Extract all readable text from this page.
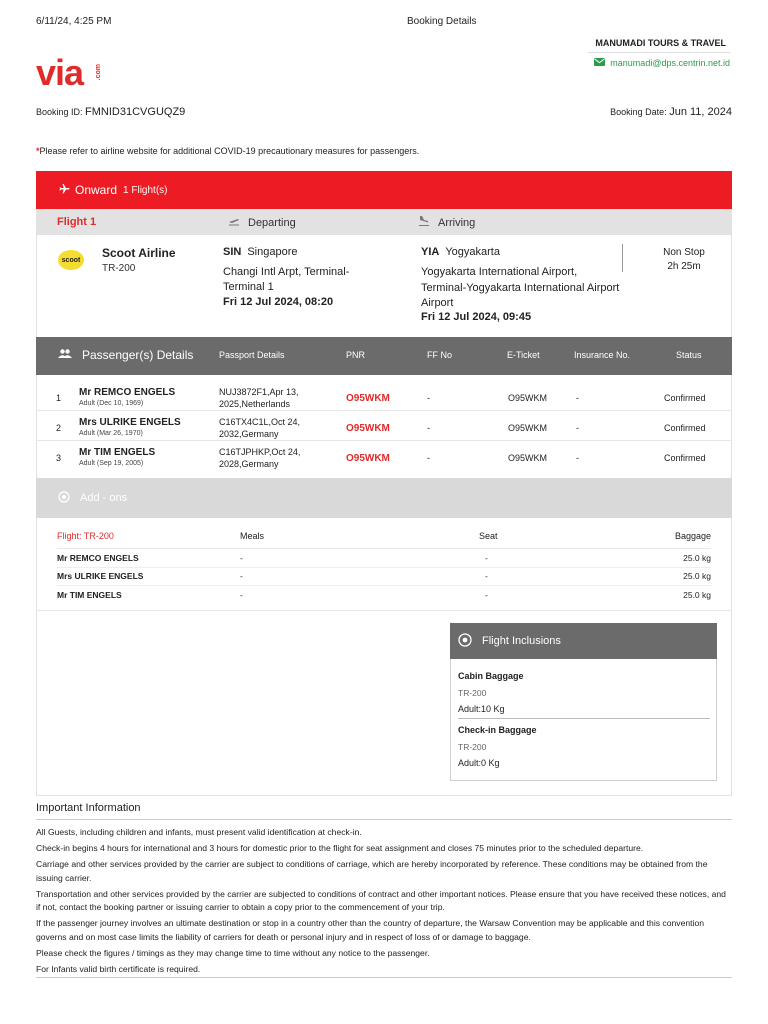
6/11/24, 4:25 PM	Booking Details
MANUMADI TOURS & TRAVEL
manumadi@dps.centrin.net.id
via .com
Booking ID: FMNID31CVGUQZ9	Booking Date: Jun 11, 2024
*Please refer to airline website for additional COVID-19 precautionary measures for passengers.
Onward 1 Flight(s)
Flight 1	Departing	Arriving
scoot	Scoot Airline
TR-200
SIN Singapore
Changi Intl Arpt, Terminal-Terminal 1
Fri 12 Jul 2024, 08:20
YIA Yogyakarta
Yogyakarta International Airport, Terminal-Yogyakarta International Airport Airport
Fri 12 Jul 2024, 09:45
Non Stop
2h 25m
Passenger(s) Details	Passport Details	PNR	FF No	E-Ticket	Insurance No.	Status
1 Mr REMCO ENGELS
Adult (Dec 10, 1969)
NUJ3872F1,Apr 13, 2025,Netherlands	O95WKM	-	O95WKM	-	Confirmed
2 Mrs ULRIKE ENGELS
Adult (Mar 26, 1970)
C16TX4C1L,Oct 24, 2032,Germany	O95WKM	-	O95WKM	-	Confirmed
3 Mr TIM ENGELS
Adult (Sep 19, 2005)
C16TJPHKP,Oct 24, 2028,Germany	O95WKM	-	O95WKM	-	Confirmed
Add - ons
Flight: TR-200	Meals	Seat	Baggage
Mr REMCO ENGELS	-	-	25.0 kg
Mrs ULRIKE ENGELS	-	-	25.0 kg
Mr TIM ENGELS	-	-	25.0 kg
Flight Inclusions
Cabin Baggage
TR-200
Adult:10 Kg
Check-in Baggage
TR-200
Adult:0 Kg
Important Information

All Guests, including children and infants, must present valid identification at check-in.

Check-in begins 4 hours for international and 3 hours for domestic prior to the flight for seat assignment and closes 75 minutes prior to the scheduled departure.

Carriage and other services provided by the carrier are subject to conditions of carriage, which are hereby incorporated by reference. These conditions may be obtained from the issuing carrier.

Transportation and other services provided by the carrier are subjected to conditions of contract and other important notices. Please ensure that you have received these notices, and if not, contact the booking partner or issuing carrier to obtain a copy prior to the commencement of your trip.

If the passenger journey involves an ultimate destination or stop in a country other than the country of departure, the Warsaw Convention may be applicable and this convention governs and on most case limits the liability of carriers for death or personal injury and in respect of loss of or damage to baggage.

Please check the figures / timings as they may change time to time without any notice to the passenger.

For Infants valid birth certificate is required.
